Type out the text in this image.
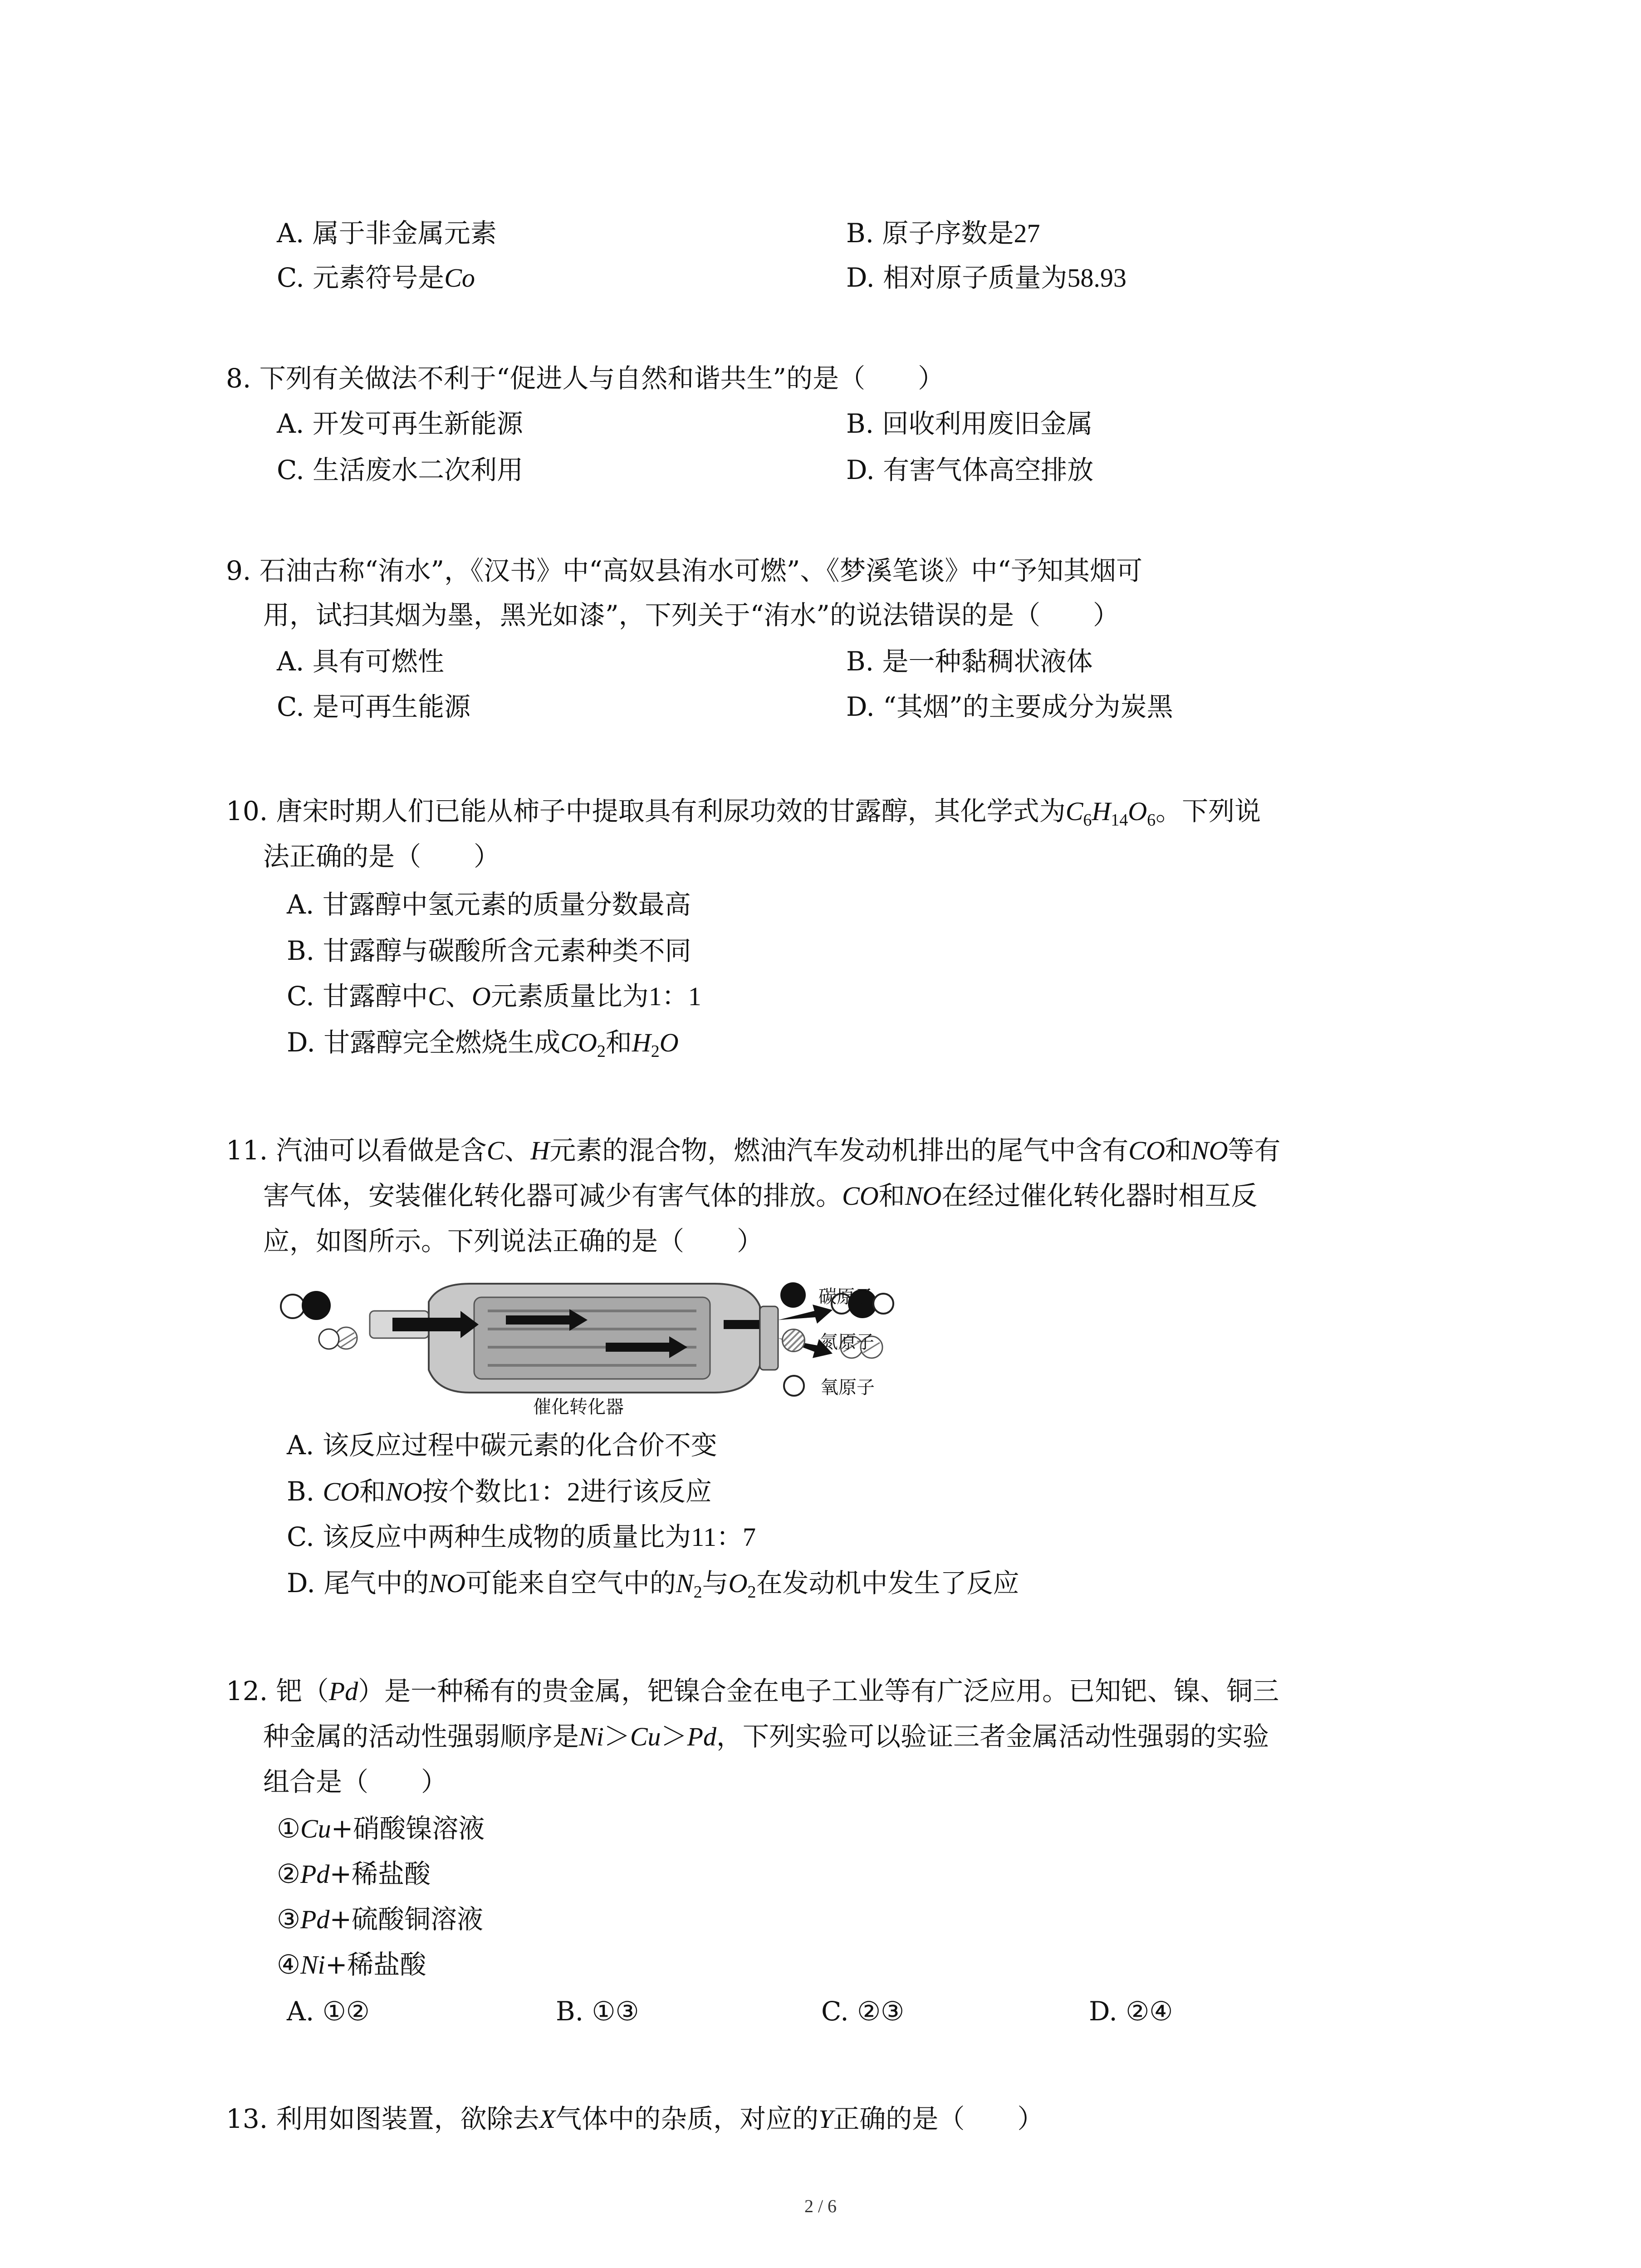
A. 属于非金属元素	B. 原子序数是27
C. 元素符号是Co	D. 相对原子质量为58.93
8. 下列有关做法不利于“促进人与自然和谐共生”的是（　　）
A. 开发可再生新能源	B. 回收利用废旧金属
C. 生活废水二次利用	D. 有害气体高空排放
9. 石油古称“洧水”，《汉书》中“高奴县洧水可燃”、《梦溪笔谈》中“予知其烟可
用，试扫其烟为墨，黑光如漆”，下列关于“洧水”的说法错误的是（　　）
A. 具有可燃性	B. 是一种黏稠状液体
C. 是可再生能源	D. “其烟”的主要成分为炭黑
10. 唐宋时期人们已能从柿子中提取具有利尿功效的甘露醇，其化学式为$C_6H_{14}O_6$。下列说
法正确的是（　　）
A. 甘露醇中氢元素的质量分数最高
B. 甘露醇与碳酸所含元素种类不同
C. 甘露醇中C、O元素质量比为1：1
D. 甘露醇完全燃烧生成$CO_2$和$H_2O$
11. 汽油可以看做是含C、H元素的混合物，燃油汽车发动机排出的尾气中含有CO和NO等有
害气体，安装催化转化器可减少有害气体的排放。CO和NO在经过催化转化器时相互反
应，如图所示。下列说法正确的是（　　）
催化转化器
碳原子
氮原子
氧原子
A. 该反应过程中碳元素的化合价不变
B. CO和NO按个数比1：2进行该反应
C. 该反应中两种生成物的质量比为11：7
D. 尾气中的NO可能来自空气中的$N_2$与$O_2$在发动机中发生了反应
12. 钯（Pd）是一种稀有的贵金属，钯镍合金在电子工业等有广泛应用。已知钯、镍、铜三
种金属的活动性强弱顺序是Ni＞Cu＞Pd，下列实验可以验证三者金属活动性强弱的实验
组合是（　　）
①Cu+硝酸镍溶液
②Pd+稀盐酸
③Pd+硫酸铜溶液
④Ni+稀盐酸
A. ①②	B. ①③	C. ②③	D. ②④
13. 利用如图装置，欲除去X气体中的杂质，对应的Y正确的是（　　）
2 / 6
